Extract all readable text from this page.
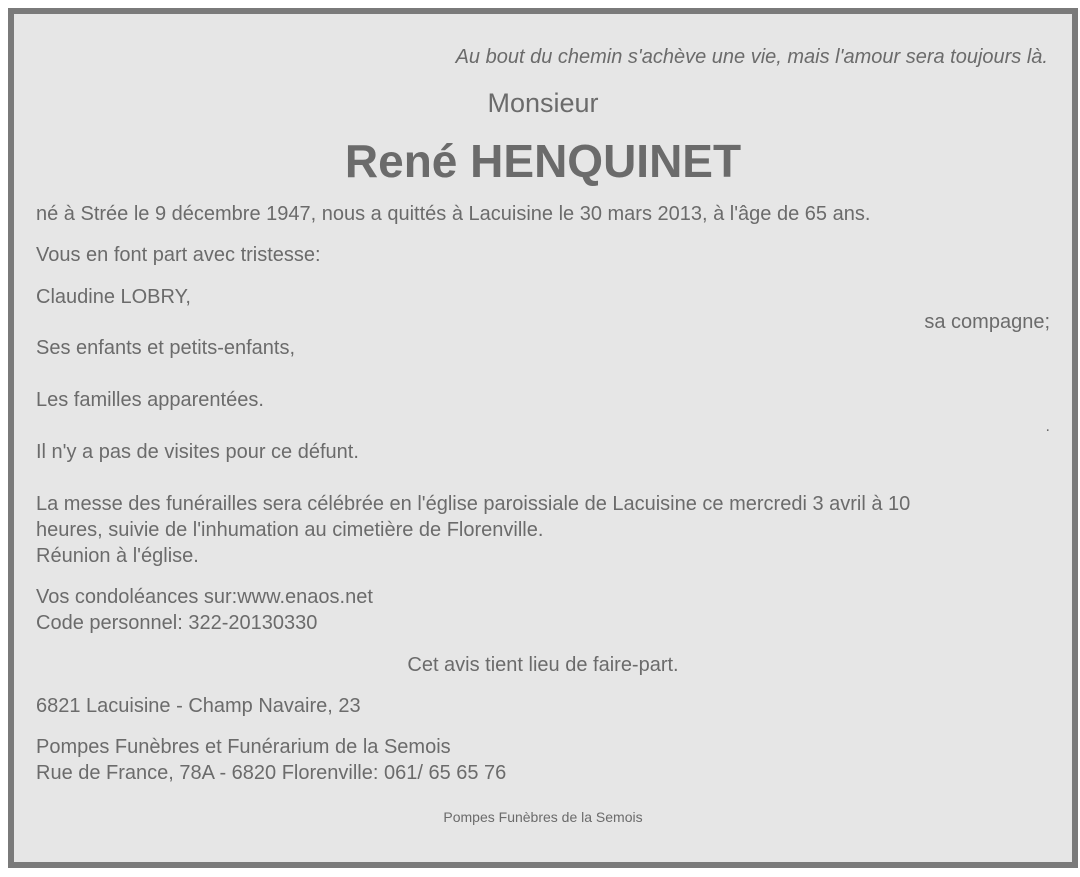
Au bout du chemin s'achève une vie, mais l'amour sera toujours là.
Monsieur
René HENQUINET
né à Strée le 9 décembre 1947, nous a quittés à Lacuisine le 30 mars 2013, à l'âge de 65 ans.
Vous en font part avec tristesse:
Claudine LOBRY,
sa compagne;
Ses enfants et petits-enfants,
Les familles apparentées.
.
Il n'y a pas de visites pour ce défunt.
La messe des funérailles sera célébrée en l'église paroissiale de Lacuisine ce mercredi 3 avril à 10
heures, suivie de l'inhumation au cimetière de Florenville.
Réunion à l'église.
Vos condoléances sur:www.enaos.net
Code personnel: 322-20130330
Cet avis tient lieu de faire-part.
6821 Lacuisine - Champ Navaire, 23
Pompes Funèbres et Funérarium de la Semois
Rue de France, 78A - 6820 Florenville: 061/ 65 65 76
Pompes Funèbres de la Semois
